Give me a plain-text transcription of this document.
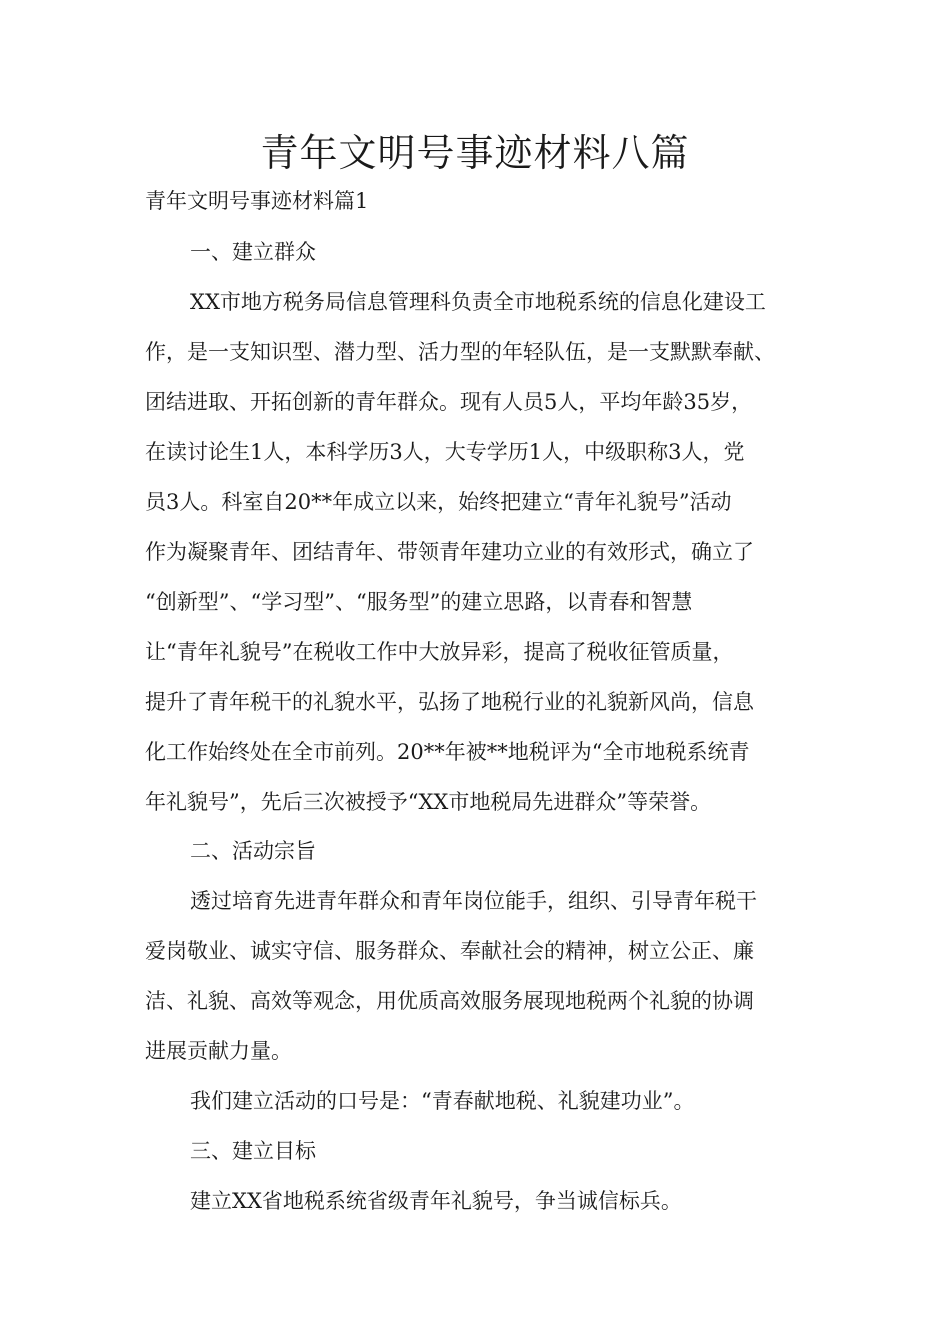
青年文明号事迹材料八篇
青年文明号事迹材料篇1
一、建立群众
XX市地方税务局信息管理科负责全市地税系统的信息化建设工
作，是一支知识型、潜力型、活力型的年轻队伍，是一支默默奉献、
团结进取、开拓创新的青年群众。现有人员5人，平均年龄35岁，
在读讨论生1人，本科学历3人，大专学历1人，中级职称3人，党
员3人。科室自20**年成立以来，始终把建立“青年礼貌号”活动
作为凝聚青年、团结青年、带领青年建功立业的有效形式，确立了
“创新型”、“学习型”、“服务型”的建立思路，以青春和智慧
让“青年礼貌号”在税收工作中大放异彩，提高了税收征管质量，
提升了青年税干的礼貌水平，弘扬了地税行业的礼貌新风尚，信息
化工作始终处在全市前列。20**年被**地税评为“全市地税系统青
年礼貌号”，先后三次被授予“XX市地税局先进群众”等荣誉。
二、活动宗旨
透过培育先进青年群众和青年岗位能手，组织、引导青年税干
爱岗敬业、诚实守信、服务群众、奉献社会的精神，树立公正、廉
洁、礼貌、高效等观念，用优质高效服务展现地税两个礼貌的协调
进展贡献力量。
我们建立活动的口号是：“青春献地税、礼貌建功业”。
三、建立目标
建立XX省地税系统省级青年礼貌号，争当诚信标兵。
